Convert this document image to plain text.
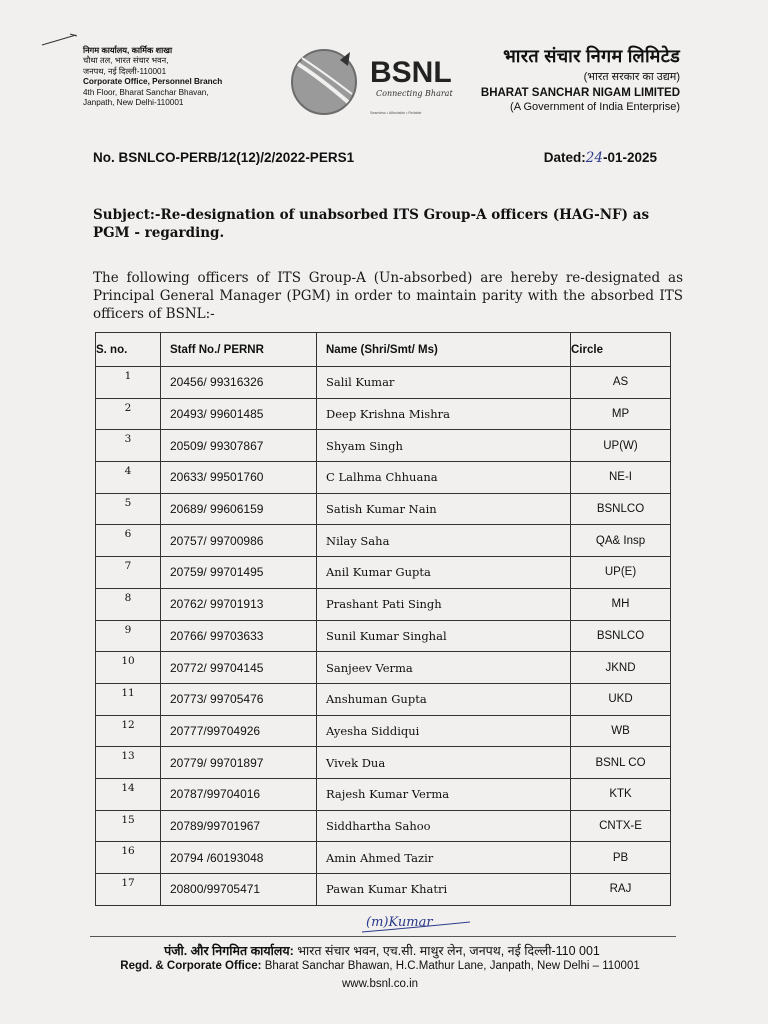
निगम कार्यालय, कार्मिक शाखा
चौथा तल, भारत संचार भवन,
जनपथ, नई दिल्ली-110001
Corporate Office, Personnel Branch
4th Floor, Bharat Sanchar Bhavan,
Janpath, New Delhi-110001
BSNL
Connecting Bharat
Seamless • Affordable • Reliable
भारत संचार निगम लिमिटेड
(भारत सरकार का उद्यम)
BHARAT SANCHAR NIGAM LIMITED
(A Government of India Enterprise)
No. BSNLCO-PERB/12(12)/2/2022-PERS1	Dated:24-01-2025
Subject:-Re-designation of unabsorbed ITS Group-A officers (HAG-NF) as PGM - regarding.
The following officers of ITS Group-A (Un-absorbed) are hereby re-designated as Principal General Manager (PGM) in order to maintain parity with the absorbed ITS officers of BSNL:-
S. no.	Staff No./ PERNR	Name (Shri/Smt/ Ms)	Circle

1	20456/ 99316326	Salil Kumar	AS

2	20493/ 99601485	Deep Krishna Mishra	MP

3	20509/ 99307867	Shyam Singh	UP(W)

4	20633/ 99501760	C Lalhma Chhuana	NE-I

5	20689/ 99606159	Satish Kumar Nain	BSNLCO

6	20757/ 99700986	Nilay Saha	QA& Insp

7	20759/ 99701495	Anil Kumar Gupta	UP(E)

8	20762/ 99701913	Prashant Pati Singh	MH

9	20766/ 99703633	Sunil Kumar Singhal	BSNLCO

10	20772/ 99704145	Sanjeev Verma	JKND

11	20773/ 99705476	Anshuman Gupta	UKD

12	20777/99704926	Ayesha Siddiqui	WB

13	20779/ 99701897	Vivek Dua	BSNL CO

14	20787/99704016	Rajesh Kumar Verma	KTK

15	20789/99701967	Siddhartha Sahoo	CNTX-E

16	20794 /60193048	Amin Ahmed Tazir	PB

17	20800/99705471	Pawan Kumar Khatri	RAJ
(m)Kumar
पंजी. और निगमित कार्यालय: भारत संचार भवन, एच.सी. माथुर लेन, जनपथ, नई दिल्ली-110 001
Regd. & Corporate Office: Bharat Sanchar Bhawan, H.C.Mathur Lane, Janpath, New Delhi – 110001
www.bsnl.co.in
